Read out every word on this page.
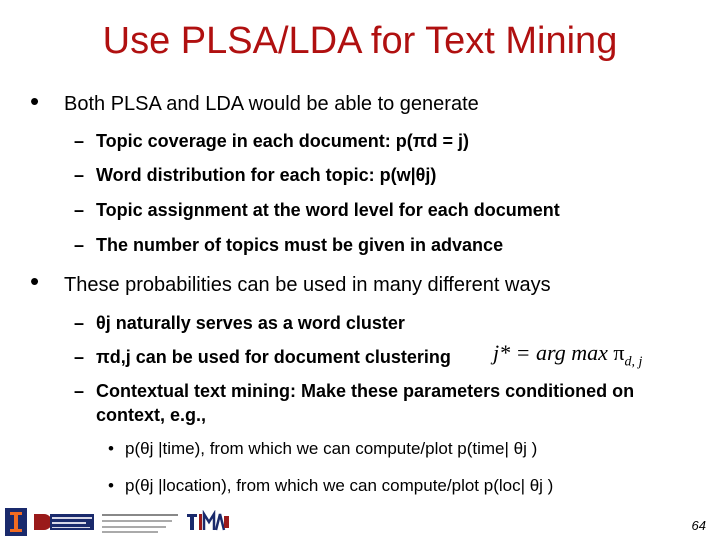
Use PLSA/LDA for Text Mining
• Both PLSA and LDA would be able to generate
– Topic coverage in each document: p(πd = j)
– Word distribution for each topic: p(w|θj)
– Topic assignment at the word level for each document
– The number of topics must be given in advance
• These probabilities can be used in many different ways
– θj naturally serves as a word cluster
– πd,j can be used for document clustering j* = arg $\max \pi_{d, j}$
– Contextual text mining: Make these parameters conditioned on
context, e.g.,
• p(θj |time), from which we can compute/plot p(time| θj )
• p(θj |location), from which we can compute/plot p(loc| θj )
64
